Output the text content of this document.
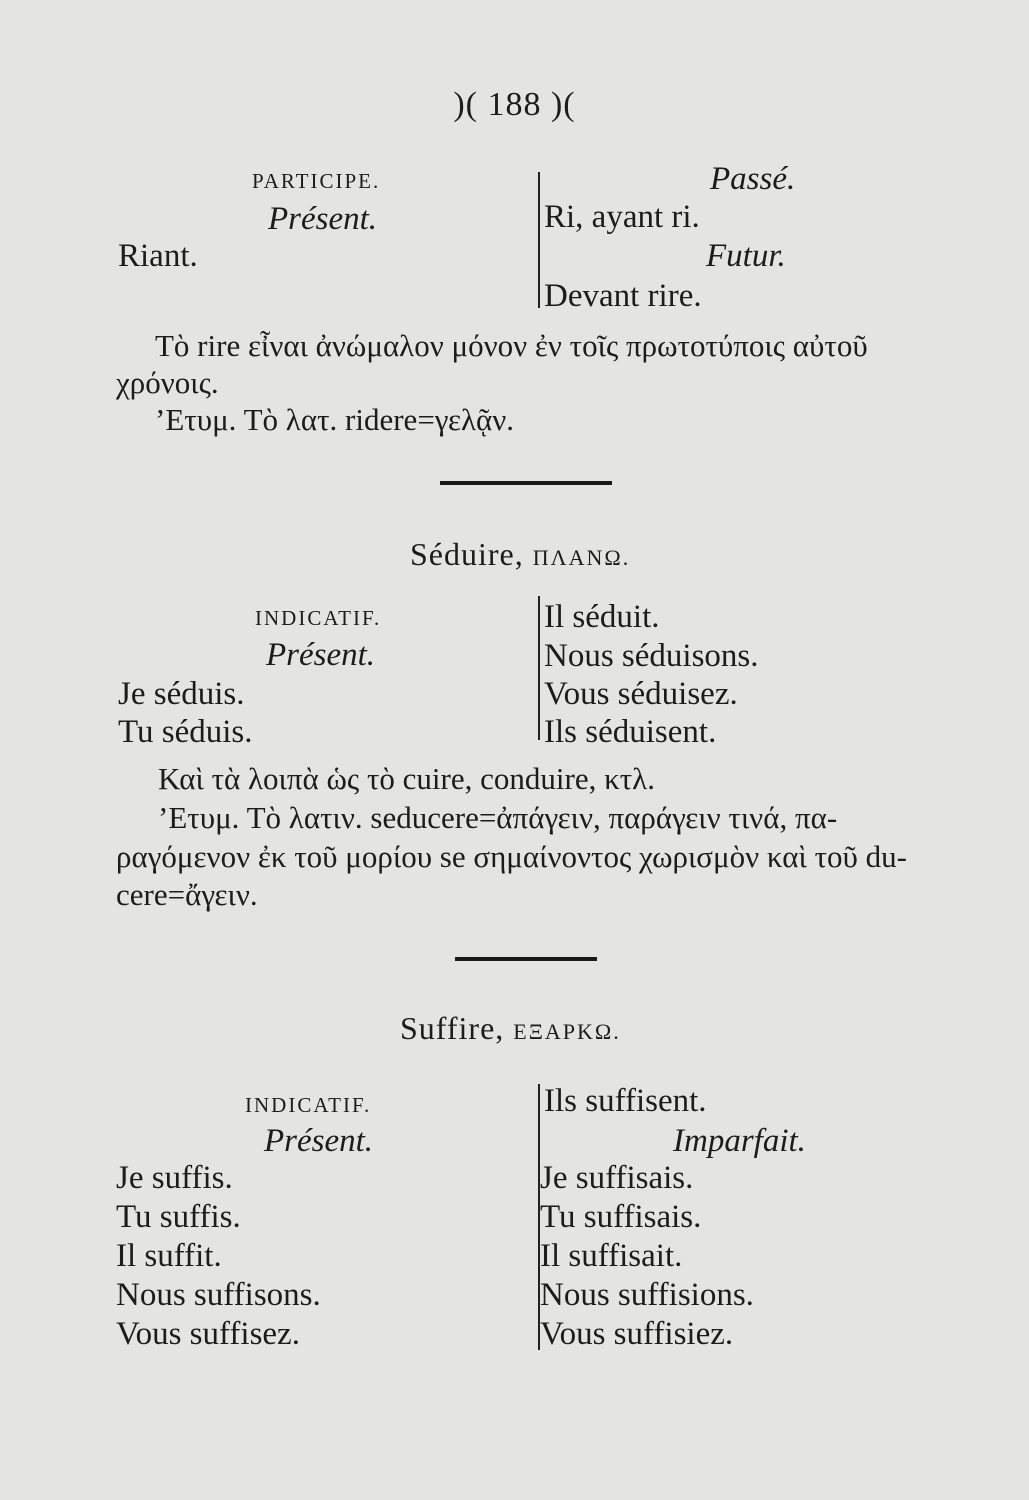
)( 188 )(
PARTICIPE.
Présent.
Riant.
Passé.
Ri, ayant ri.
Futur.
Devant rire.
Τὸ rire εἶναι ἀνώμαλον μόνον ἐν τοῖς πρωτοτύποις αὐτοῦ
χρόνοις.
’Ετυμ. Τὸ λατ. ridere=γελᾷν.
Séduire, ΠΛΑΝΩ.
INDICATIF.
Présent.
Je séduis.
Tu séduis.
Il séduit.
Nous séduisons.
Vous séduisez.
Ils séduisent.
Καὶ τὰ λοιπὰ ὡς τὸ cuire, conduire, κτλ.
’Ετυμ. Τὸ λατιν. seducere=ἀπάγειν, παράγειν τινά, πα-
ραγόμενον ἐκ τοῦ μορίου se σημαίνοντος χωρισμὸν καὶ τοῦ du-
cere=ἄγειν.
Suffire, ΕΞΑΡΚΩ.
INDICATIF.
Présent.
Je suffis.
Tu suffis.
Il suffit.
Nous suffisons.
Vous suffisez.
Ils suffisent.
Imparfait.
Je suffisais.
Tu suffisais.
Il suffisait.
Nous suffisions.
Vous suffisiez.
